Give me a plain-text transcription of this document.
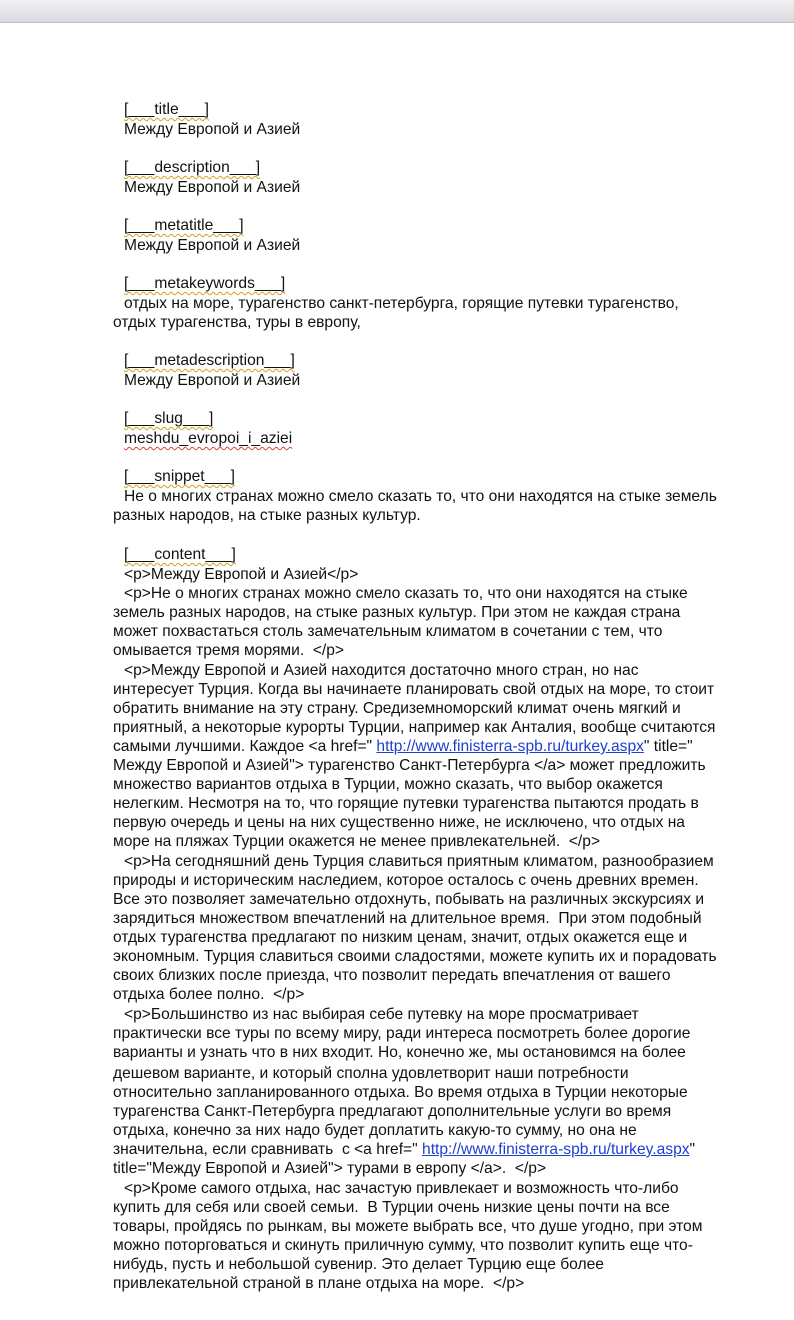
[___title___]
Между Европой и Азией
[___description___]
Между Европой и Азией
[___metatitle___]
Между Европой и Азией
[___metakeywords___]
отдых на море, турагенство санкт-петербурга, горящие путевки турагенство,
отдых турагенства, туры в европу,
[___metadescription___]
Между Европой и Азией
[___slug___]
meshdu_evropoi_i_aziei
[___snippet___]
Не о многих странах можно смело сказать то, что они находятся на стыке земель
разных народов, на стыке разных культур.
[___content___]
<p>Между Европой и Азией</p>
<p>Не о многих странах можно смело сказать то, что они находятся на стыке
земель разных народов, на стыке разных культур. При этом не каждая страна
может похвастаться столь замечательным климатом в сочетании с тем, что
омывается тремя морями.  </p>
<p>Между Европой и Азией находится достаточно много стран, но нас
интересует Турция. Когда вы начинаете планировать свой отдых на море, то стоит
обратить внимание на эту страну. Средиземноморский климат очень мягкий и
приятный, а некоторые курорты Турции, например как Анталия, вообще считаются
самыми лучшими. Каждое <a href=" http://www.finisterra-spb.ru/turkey.aspx" title="
Между Европой и Азией"> турагенство Санкт-Петербурга </a> может предложить
множество вариантов отдыха в Турции, можно сказать, что выбор окажется
нелегким. Несмотря на то, что горящие путевки турагенства пытаются продать в
первую очередь и цены на них существенно ниже, не исключено, что отдых на
море на пляжах Турции окажется не менее привлекательней.  </p>
<p>На сегодняшний день Турция славиться приятным климатом, разнообразием
природы и историческим наследием, которое осталось с очень древних времен.
Все это позволяет замечательно отдохнуть, побывать на различных экскурсиях и
зарядиться множеством впечатлений на длительное время.  При этом подобный
отдых турагенства предлагают по низким ценам, значит, отдых окажется еще и
экономным. Турция славиться своими сладостями, можете купить их и порадовать
своих близких после приезда, что позволит передать впечатления от вашего
отдыха более полно.  </p>
<p>Большинство из нас выбирая себе путевку на море просматривает
практически все туры по всему миру, ради интереса посмотреть более дорогие
варианты и узнать что в них входит. Но, конечно же, мы остановимся на более
дешевом варианте, и который сполна удовлетворит наши потребности
относительно запланированного отдыха. Во время отдыха в Турции некоторые
турагенства Санкт-Петербурга предлагают дополнительные услуги во время
отдыха, конечно за них надо будет доплатить какую-то сумму, но она не
значительна, если сравнивать  с <a href=" http://www.finisterra-spb.ru/turkey.aspx"
title="Между Европой и Азией"> турами в европу </a>.  </p>
<p>Кроме самого отдыха, нас зачастую привлекает и возможность что-либо
купить для себя или своей семьи.  В Турции очень низкие цены почти на все
товары, пройдясь по рынкам, вы можете выбрать все, что душе угодно, при этом
можно поторговаться и скинуть приличную сумму, что позволит купить еще что-
нибудь, пусть и небольшой сувенир. Это делает Турцию еще более
привлекательной страной в плане отдыха на море.  </p>
